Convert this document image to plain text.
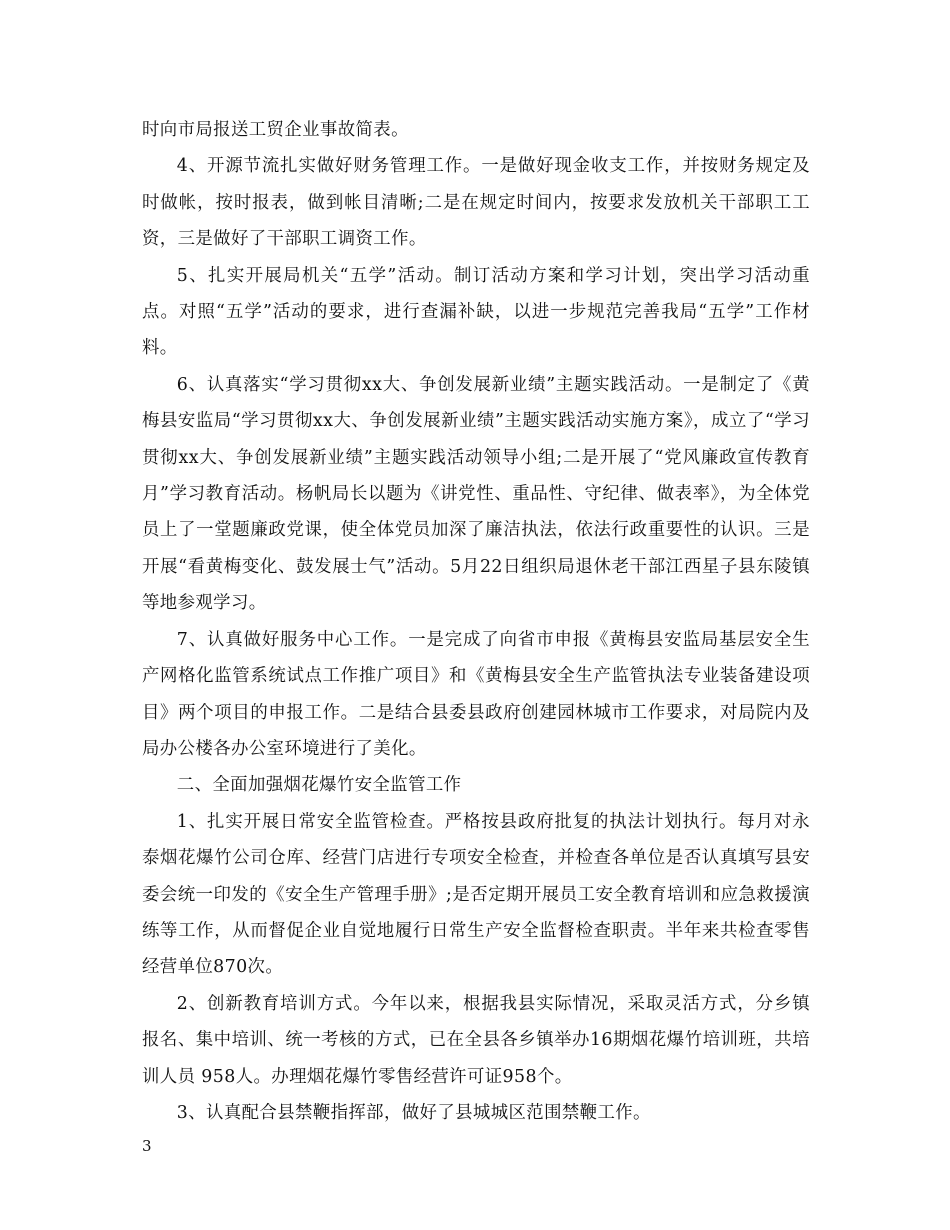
时向市局报送工贸企业事故简表。

4、开源节流扎实做好财务管理工作。一是做好现金收支工作，并按财务规定及时做帐，按时报表，做到帐目清晰;二是在规定时间内，按要求发放机关干部职工工资，三是做好了干部职工调资工作。

5、扎实开展局机关“五学”活动。制订活动方案和学习计划，突出学习活动重点。对照“五学”活动的要求，进行查漏补缺，以进一步规范完善我局“五学”工作材料。

6、认真落实“学习贯彻xx大、争创发展新业绩”主题实践活动。一是制定了《黄梅县安监局“学习贯彻xx大、争创发展新业绩”主题实践活动实施方案》，成立了“学习贯彻xx大、争创发展新业绩”主题实践活动领导小组;二是开展了“党风廉政宣传教育月”学习教育活动。杨帆局长以题为《讲党性、重品性、守纪律、做表率》，为全体党员上了一堂题廉政党课，使全体党员加深了廉洁执法，依法行政重要性的认识。三是开展“看黄梅变化、鼓发展士气”活动。5月22日组织局退休老干部江西星子县东陵镇等地参观学习。

7、认真做好服务中心工作。一是完成了向省市申报《黄梅县安监局基层安全生产网格化监管系统试点工作推广项目》和《黄梅县安全生产监管执法专业装备建设项目》两个项目的申报工作。二是结合县委县政府创建园林城市工作要求，对局院内及局办公楼各办公室环境进行了美化。

二、全面加强烟花爆竹安全监管工作

1、扎实开展日常安全监管检查。严格按县政府批复的执法计划执行。每月对永泰烟花爆竹公司仓库、经营门店进行专项安全检查，并检查各单位是否认真填写县安委会统一印发的《安全生产管理手册》;是否定期开展员工安全教育培训和应急救援演练等工作，从而督促企业自觉地履行日常生产安全监督检查职责。半年来共检查零售经营单位870次。

2、创新教育培训方式。今年以来，根据我县实际情况，采取灵活方式，分乡镇报名、集中培训、统一考核的方式，已在全县各乡镇举办16期烟花爆竹培训班，共培训人员 958人。办理烟花爆竹零售经营许可证958个。

3、认真配合县禁鞭指挥部，做好了县城城区范围禁鞭工作。

3
